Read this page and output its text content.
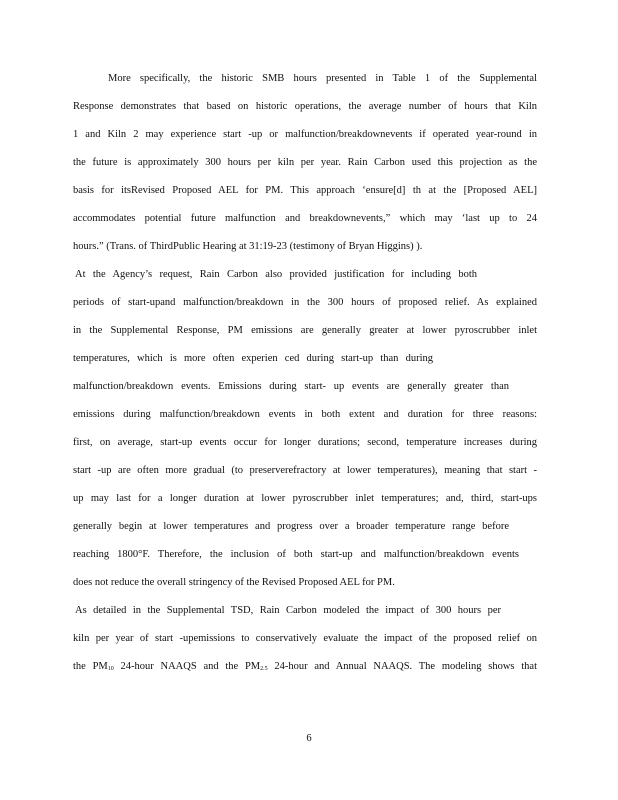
More specifically, the historic SMB hours presented in Table 1 of the Supplemental
Response demonstrates that based on historic operations, the average number of hours that Kiln
1 and Kiln 2 may experience start -up or malfunction/breakdownevents if operated year-round in
the future is approximately 300 hours per kiln per year. Rain Carbon used this projection as the
basis for itsRevised Proposed AEL for PM. This approach ‘ensure[d] th at the [Proposed AEL]
accommodates potential future malfunction and breakdownevents,” which may ‘last up to 24
hours.” (Trans. of ThirdPublic Hearing at 31:19-23 (testimony of Bryan Higgins) ).
At the Agency’s request, Rain Carbon also provided justification for including both
periods of start-upand malfunction/breakdown in the 300 hours of proposed relief. As explained
in the Supplemental Response, PM emissions are generally greater at lower pyroscrubber inlet
temperatures, which is more often experien ced during start-up than during
malfunction/breakdown events. Emissions during start- up events are generally greater than
emissions during malfunction/breakdown events in both extent and duration for three reasons:
first, on average, start-up events occur for longer durations; second, temperature increases during
start -up are often more gradual (to preserverefractory at lower temperatures), meaning that start -
up may last for a longer duration at lower pyroscrubber inlet temperatures; and, third, start-ups
generally begin at lower temperatures and progress over a broader temperature range before
reaching 1800°F. Therefore, the inclusion of both start-up and malfunction/breakdown events
does not reduce the overall stringency of the Revised Proposed AEL for PM.
As detailed in the Supplemental TSD, Rain Carbon modeled the impact of 300 hours per
kiln per year of start -upemissions to conservatively evaluate the impact of the proposed relief on
the $PM_{10}$ 24-hour NAAQS and the $PM_{2.5}$ 24-hour and Annual NAAQS. The modeling shows that
6
